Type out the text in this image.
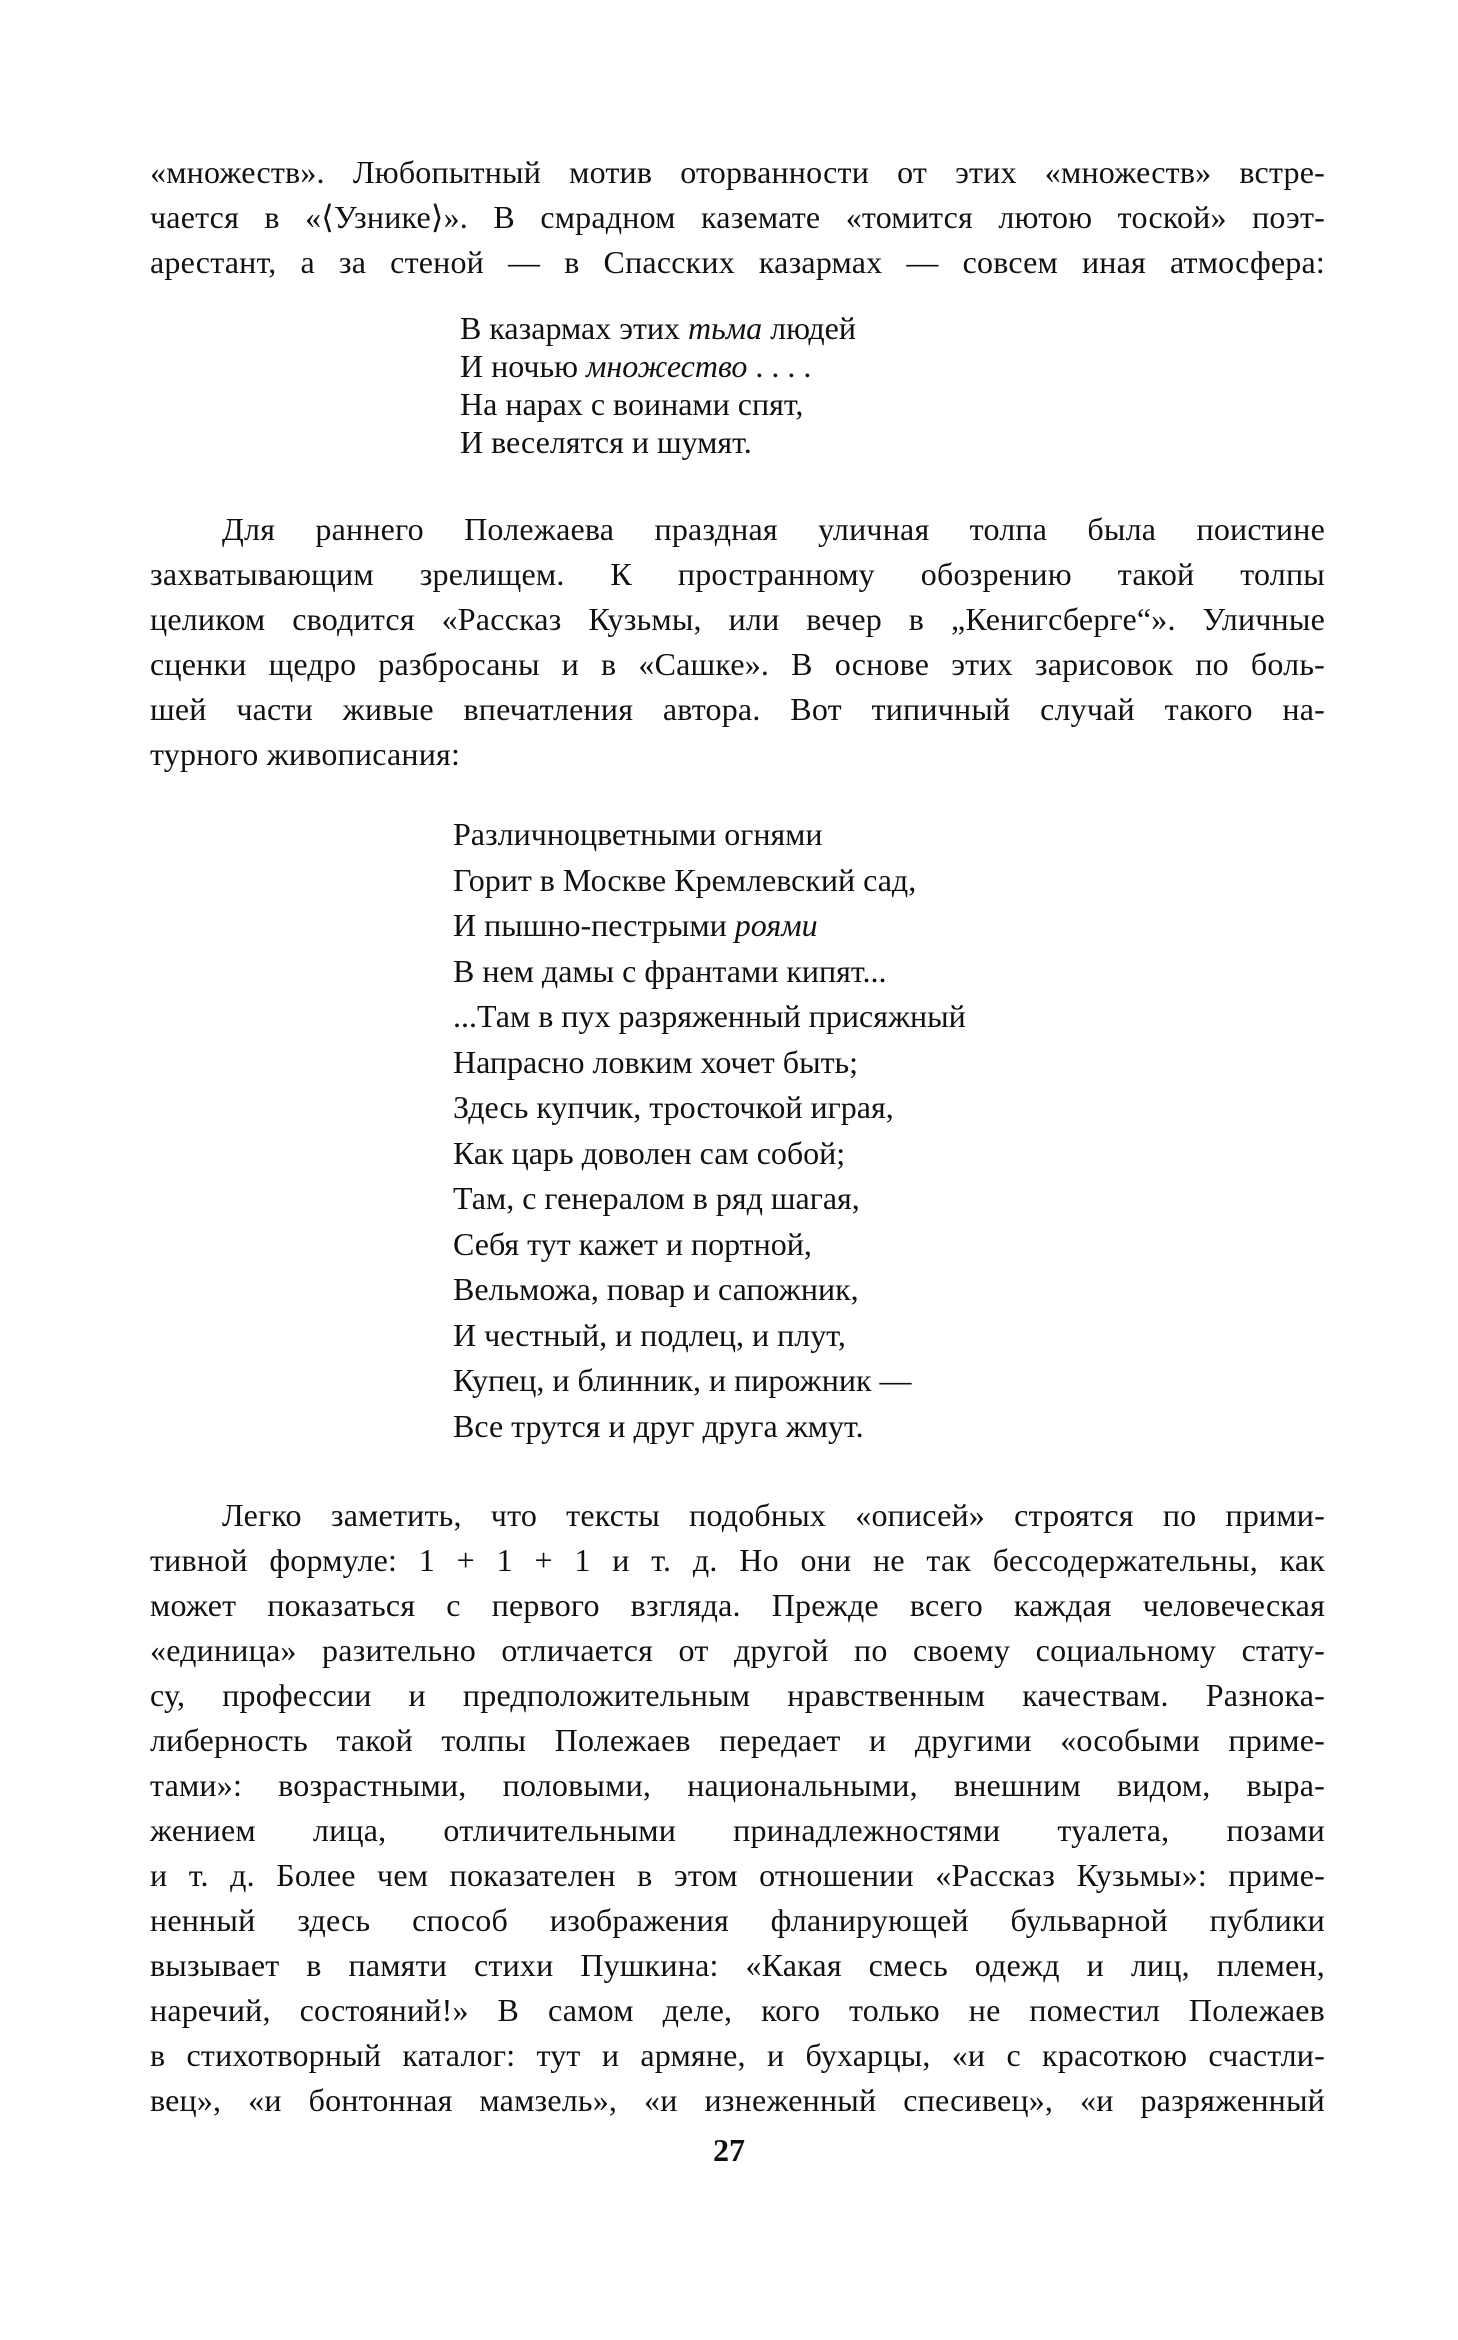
«множеств». Любопытный мотив оторванности от этих «множеств» встре-
чается в «⟨Узнике⟩». В смрадном каземате «томится лютою тоской» поэт-
арестант, а за стеной — в Спасских казармах — совсем иная атмосфера:

В казармах этих тьма людей
И ночью множество . . . .
На нарах с воинами спят,
И веселятся и шумят.

Для раннего Полежаева праздная уличная толпа была поистине
захватывающим зрелищем. К пространному обозрению такой толпы
целиком сводится «Рассказ Кузьмы, или вечер в „Кенигсберге“». Уличные
сценки щедро разбросаны и в «Сашке». В основе этих зарисовок по боль-
шей части живые впечатления автора. Вот типичный случай такого на-
турного живописания:

Различноцветными огнями
Горит в Москве Кремлевский сад,
И пышно-пестрыми роями
В нем дамы с франтами кипят...
...Там в пух разряженный присяжный
Напрасно ловким хочет быть;
Здесь купчик, тросточкой играя,
Как царь доволен сам собой;
Там, с генералом в ряд шагая,
Себя тут кажет и портной,
Вельможа, повар и сапожник,
И честный, и подлец, и плут,
Купец, и блинник, и пирожник —
Все трутся и друг друга жмут.

Легко заметить, что тексты подобных «описей» строятся по прими-
тивной формуле: 1 + 1 + 1 и т. д. Но они не так бессодержательны, как
может показаться с первого взгляда. Прежде всего каждая человеческая
«единица» разительно отличается от другой по своему социальному стату-
су, профессии и предположительным нравственным качествам. Разнока-
либерность такой толпы Полежаев передает и другими «особыми приме-
тами»: возрастными, половыми, национальными, внешним видом, выра-
жением лица, отличительными принадлежностями туалета, позами
и т. д. Более чем показателен в этом отношении «Рассказ Кузьмы»: приме-
ненный здесь способ изображения фланирующей бульварной публики
вызывает в памяти стихи Пушкина: «Какая смесь одежд и лиц, племен,
наречий, состояний!» В самом деле, кого только не поместил Полежаев
в стихотворный каталог: тут и армяне, и бухарцы, «и с красоткою счастли-
вец», «и бонтонная мамзель», «и изнеженный спесивец», «и разряженный

27
